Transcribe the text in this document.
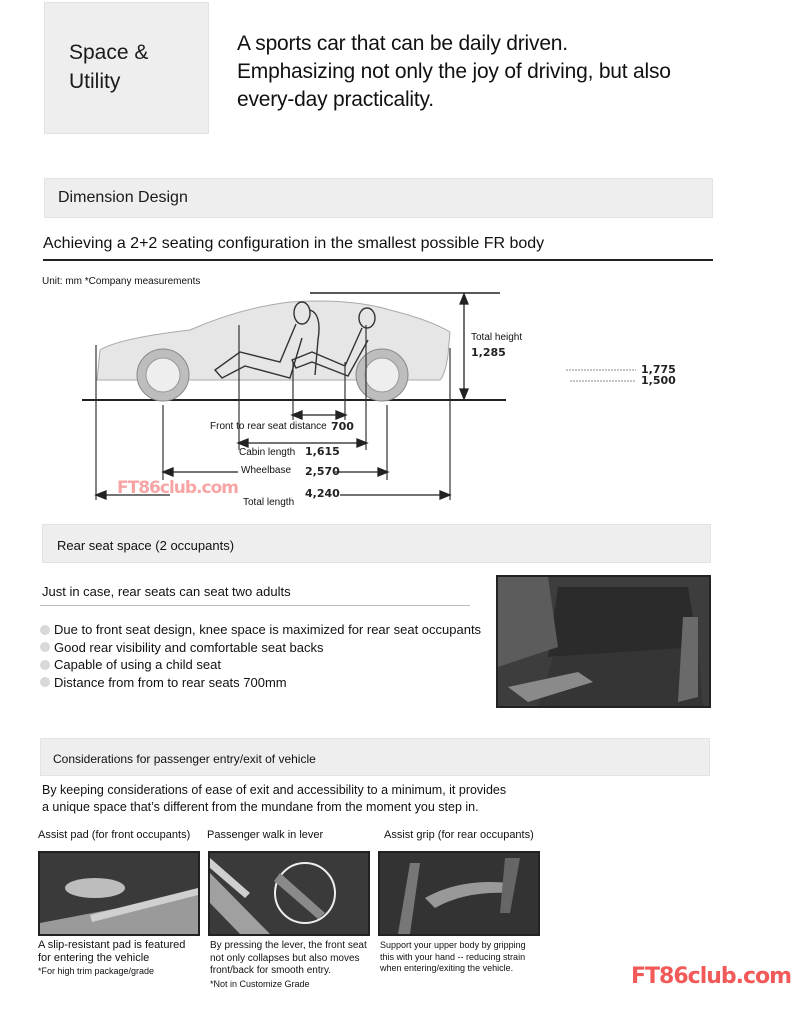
Space &
Utility
A sports car that can be daily driven.
Emphasizing not only the joy of driving, but also
every-day practicality.
Dimension Design
Achieving a 2+2 seating configuration in the smallest possible FR body
Unit: mm *Company measurements
Total height
1,285
1,775
1,500
Front to rear seat distance 700
Cabin length 1,615
Wheelbase 2,570
4,240
Total length
FT86club.com
Rear seat space (2 occupants)
Just in case, rear seats can seat two adults
Due to front seat design, knee space is maximized for rear seat occupants
Good rear visibility and comfortable seat backs
Capable of using a child seat
Distance from from to rear seats 700mm
Considerations for passenger entry/exit of vehicle
By keeping considerations of ease of exit and accessibility to a minimum, it provides
a unique space that’s different from the mundane from the moment you step in.
Assist pad (for front occupants) Passenger walk in lever	Assist grip (for rear occupants)
A slip-resistant pad is featured
for entering the vehicle
*For high trim package/grade
By pressing the lever, the front seat
not only collapses but also moves
front/back for smooth entry.
*Not in Customize Grade
Support your upper body by gripping
this with your hand -- reducing strain
when entering/exiting the vehicle.	FT86club.com
